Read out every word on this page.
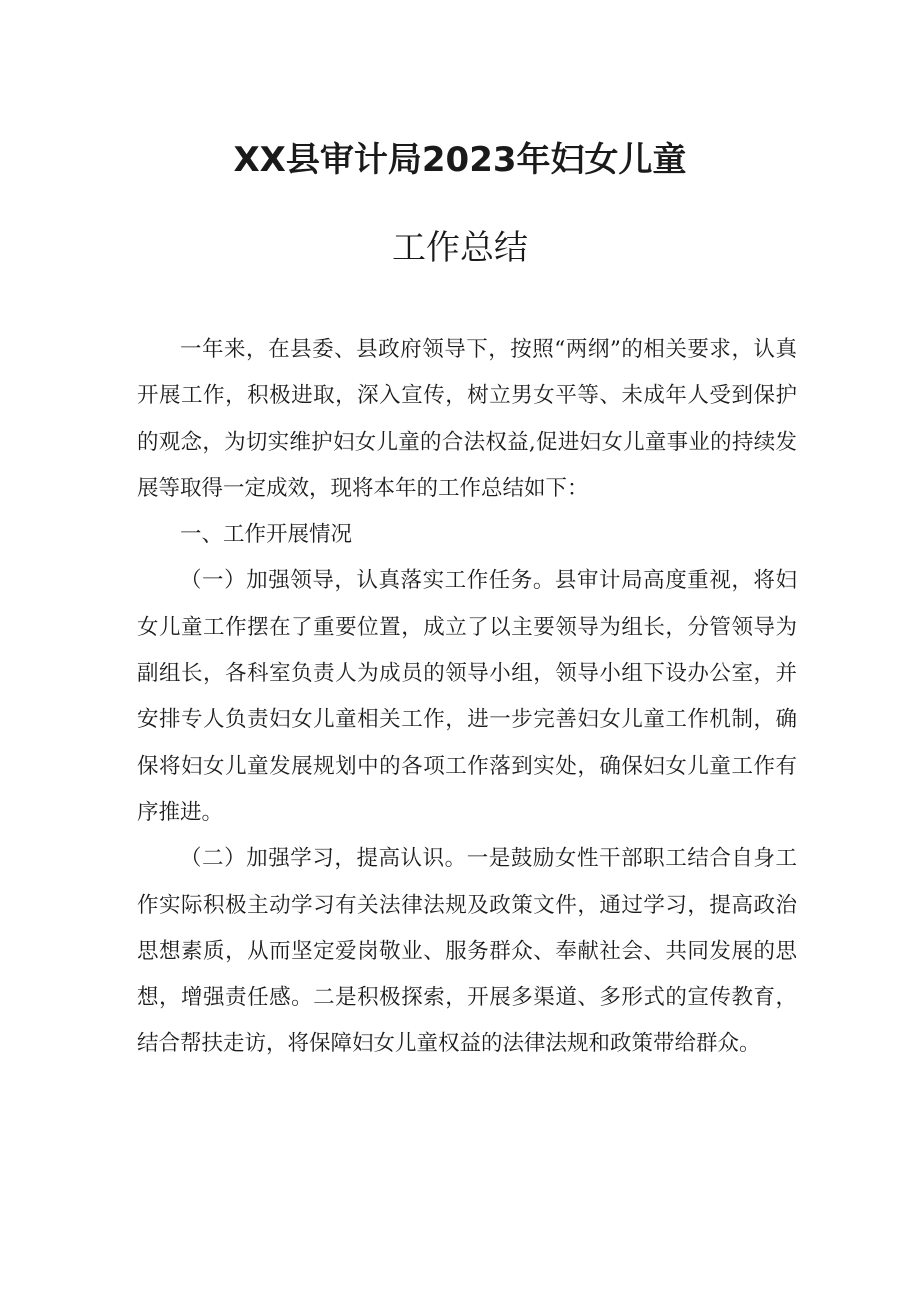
XX县审计局2023年妇女儿童
工作总结

一年来，在县委、县政府领导下，按照“两纲”的相关要求，认真开展工作，积极进取，深入宣传，树立男女平等、未成年人受到保护的观念，为切实维护妇女儿童的合法权益,促进妇女儿童事业的持续发展等取得一定成效，现将本年的工作总结如下：

一、工作开展情况

（一）加强领导，认真落实工作任务。县审计局高度重视，将妇女儿童工作摆在了重要位置，成立了以主要领导为组长，分管领导为副组长，各科室负责人为成员的领导小组，领导小组下设办公室，并安排专人负责妇女儿童相关工作，进一步完善妇女儿童工作机制，确保将妇女儿童发展规划中的各项工作落到实处，确保妇女儿童工作有序推进。

（二）加强学习，提高认识。一是鼓励女性干部职工结合自身工作实际积极主动学习有关法律法规及政策文件，通过学习，提高政治思想素质，从而坚定爱岗敬业、服务群众、奉献社会、共同发展的思想，增强责任感。二是积极探索，开展多渠道、多形式的宣传教育，结合帮扶走访，将保障妇女儿童权益的法律法规和政策带给群众。
